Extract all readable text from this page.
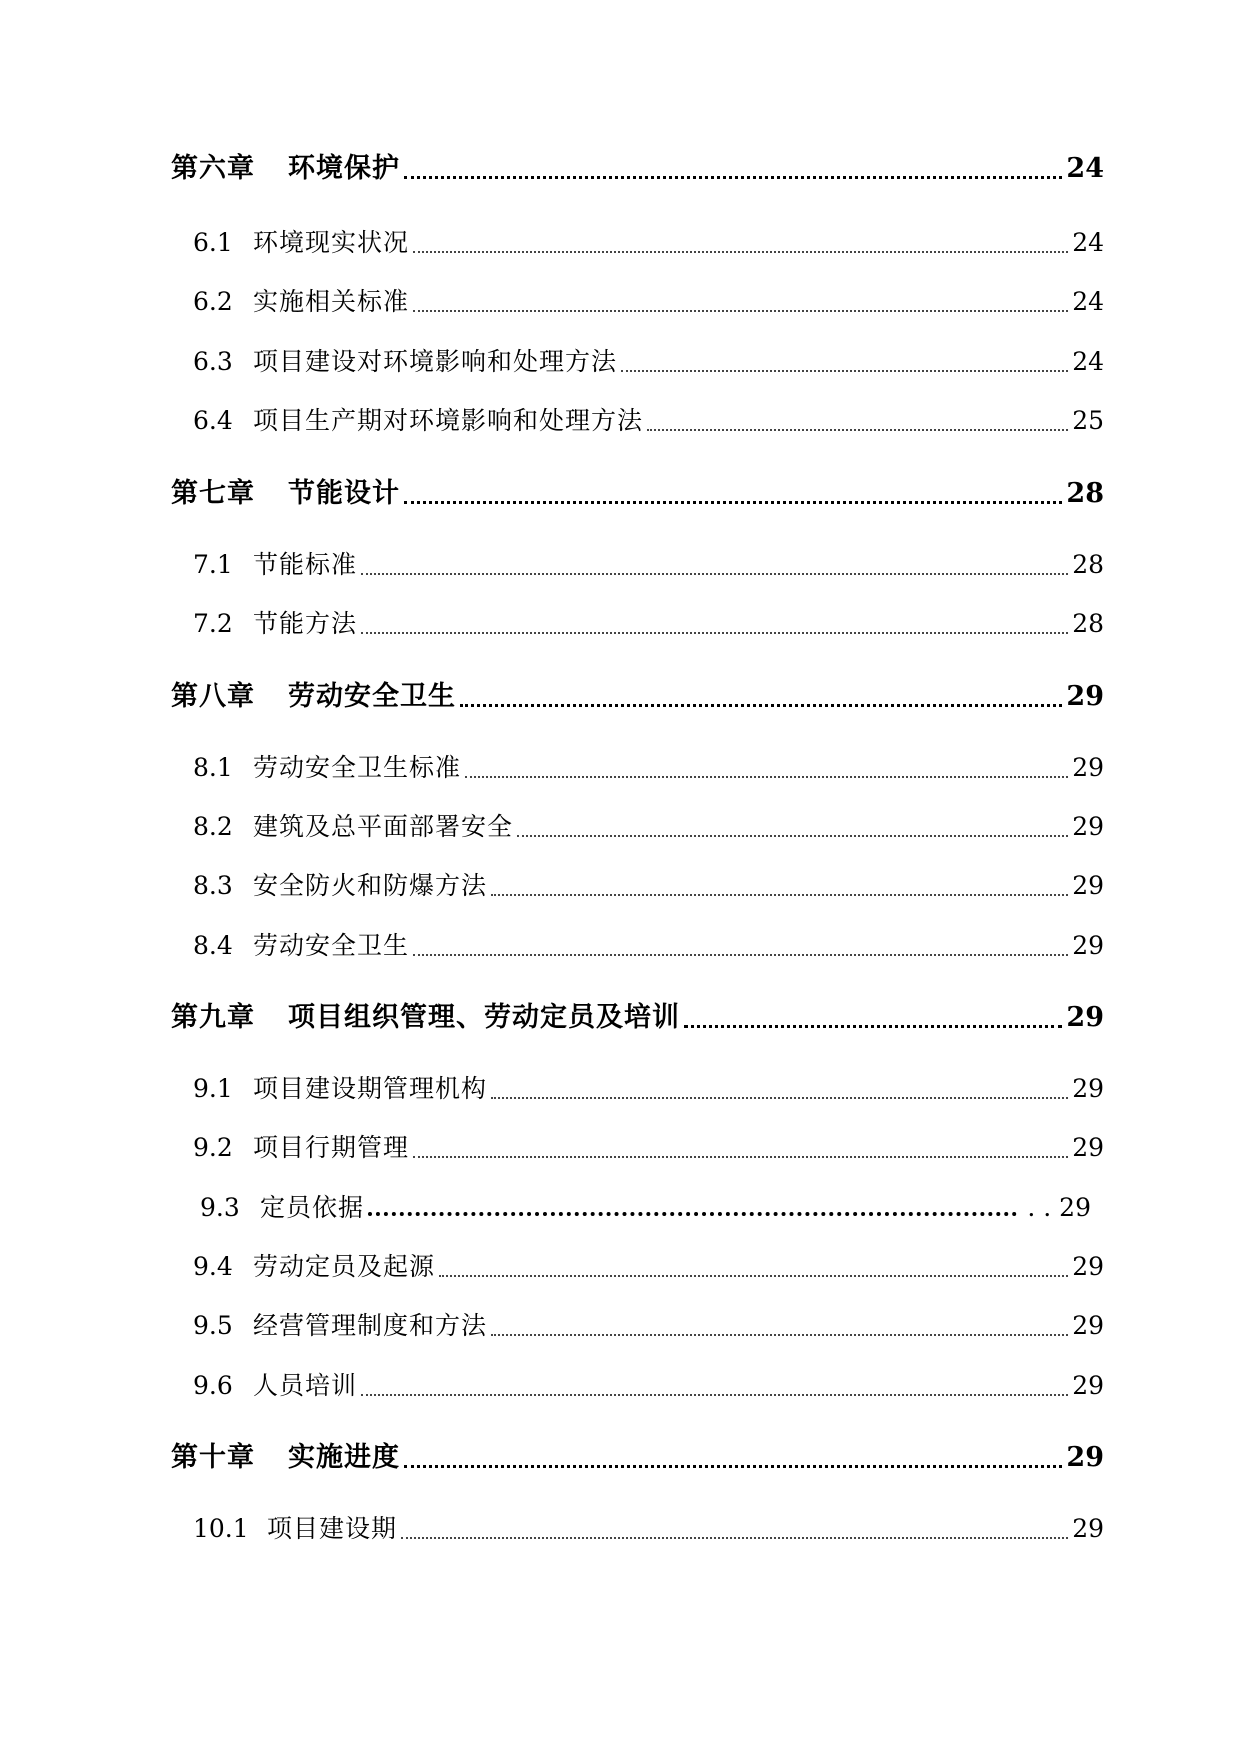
第六章	环境保护	24
6.1 环境现实状况	24
6.2 实施相关标准	24
6.3 项目建设对环境影响和处理方法	24
6.4 项目生产期对环境影响和处理方法	25
第七章	节能设计	28
7.1 节能标准	28
7.2 节能方法	28
第八章	劳动安全卫生	29
8.1 劳动安全卫生标准	29
8.2 建筑及总平面部署安全	29
8.3 安全防火和防爆方法	29
8.4 劳动安全卫生	29
第九章	项目组织管理、劳动定员及培训	29
9.1 项目建设期管理机构	29
9.2 项目行期管理	29
9.3 定员依据	. . 29
9.4 劳动定员及起源	29
9.5 经营管理制度和方法	29
9.6 人员培训	29
第十章	实施进度	29
10.1 项目建设期	29
